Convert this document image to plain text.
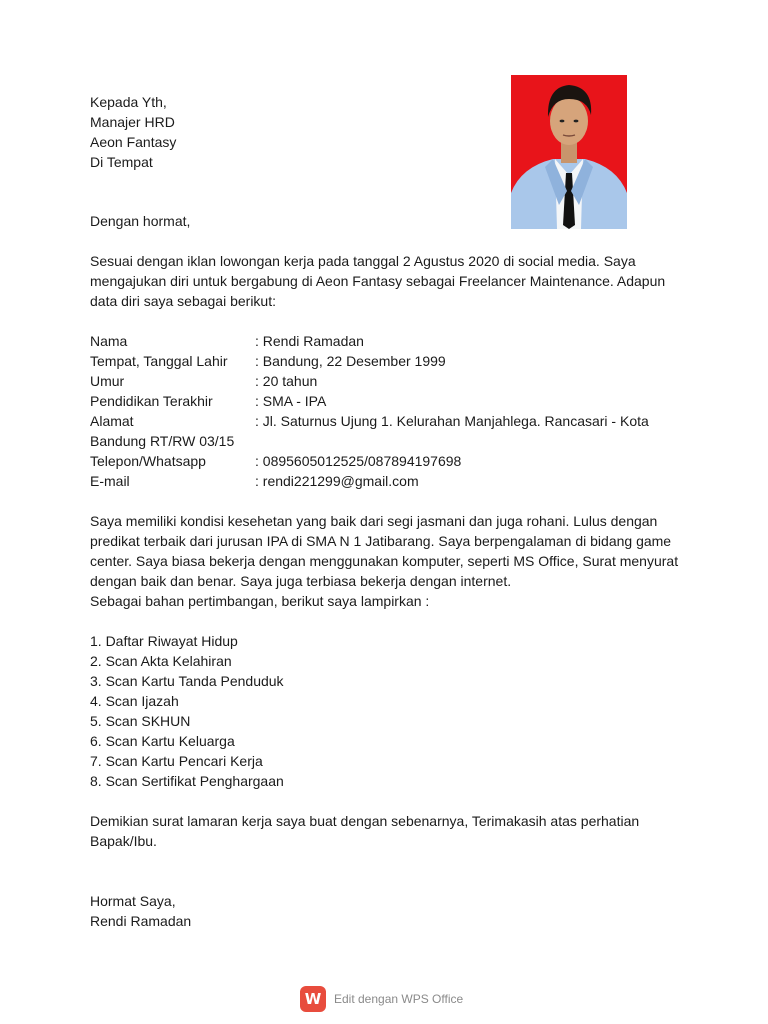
Kepada Yth,
Manajer HRD
Aeon Fantasy
Di Tempat
Dengan hormat,
Sesuai dengan iklan lowongan kerja pada tanggal 2 Agustus 2020 di social media. Saya
mengajukan diri untuk bergabung di Aeon Fantasy sebagai Freelancer Maintenance. Adapun
data diri saya sebagai berikut:
Nama	: Rendi Ramadan
Tempat, Tanggal Lahir : Bandung, 22 Desember 1999
Umur	: 20 tahun
Pendidikan Terakhir	: SMA - IPA
Alamat	: Jl. Saturnus Ujung 1. Kelurahan Manjahlega. Rancasari - Kota
Bandung RT/RW 03/15
Telepon/Whatsapp	: 0895605012525/087894197698
E-mail	: rendi221299@gmail.com
Saya memiliki kondisi kesehetan yang baik dari segi jasmani dan juga rohani. Lulus dengan
predikat terbaik dari jurusan IPA di SMA N 1 Jatibarang. Saya berpengalaman di bidang game
center. Saya biasa bekerja dengan menggunakan komputer, seperti MS Office, Surat menyurat
dengan baik dan benar. Saya juga terbiasa bekerja dengan internet.
Sebagai bahan pertimbangan, berikut saya lampirkan :
1. Daftar Riwayat Hidup
2. Scan Akta Kelahiran
3. Scan Kartu Tanda Penduduk
4. Scan Ijazah
5. Scan SKHUN
6. Scan Kartu Keluarga
7. Scan Kartu Pencari Kerja
8. Scan Sertifikat Penghargaan
Demikian surat lamaran kerja saya buat dengan sebenarnya, Terimakasih atas perhatian
Bapak/Ibu.
Hormat Saya,
Rendi Ramadan
W	Edit dengan WPS Office
